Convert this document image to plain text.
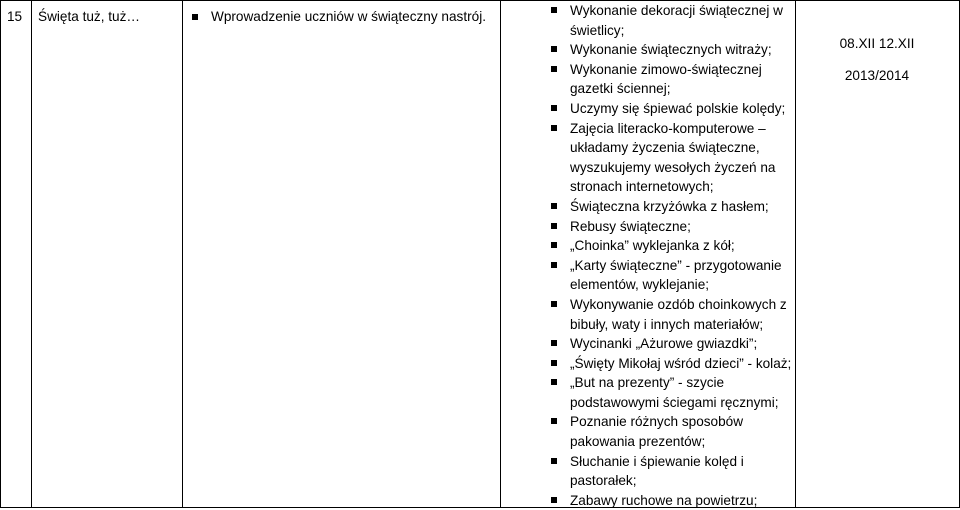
15 Święta tuż, tuż…	Wprowadzenie uczniów w świąteczny nastrój.	Wykonanie dekoracji świątecznej w
świetlicy;
Wykonanie świątecznych witraży;
Wykonanie zimowo-świątecznej
gazetki ściennej;
Uczymy się śpiewać polskie kolędy;
Zajęcia literacko-komputerowe –
układamy życzenia świąteczne,
wyszukujemy wesołych życzeń na
stronach internetowych;
Świąteczna krzyżówka z hasłem;
Rebusy świąteczne;
„Choinka” wyklejanka z kół;
„Karty świąteczne” - przygotowanie
elementów, wyklejanie;
Wykonywanie ozdób choinkowych z
bibuły, waty i innych materiałów;
Wycinanki „Ażurowe gwiazdki”;
„Święty Mikołaj wśród dzieci” - kolaż;
„But na prezenty” - szycie
podstawowymi ściegami ręcznymi;
Poznanie różnych sposobów
pakowania prezentów;
Słuchanie i śpiewanie kolęd i
pastorałek;
Zabawy ruchowe na powietrzu;
08.XII 12.XII
2013/2014
